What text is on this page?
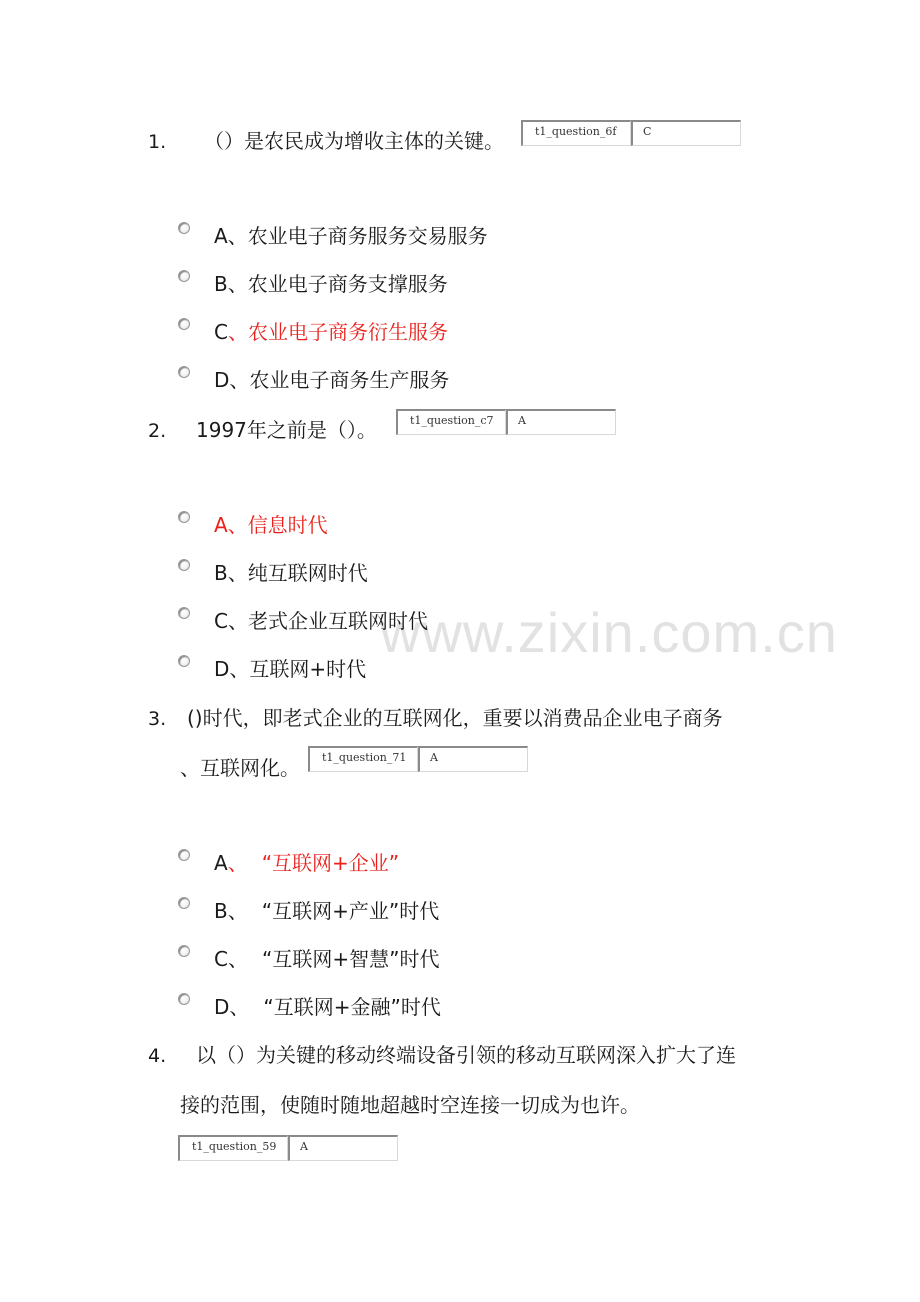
www.zixin.com.cn
1. （）是农民成为增收主体的关键。	t1_question_6f	C
A、农业电子商务服务交易服务
B、农业电子商务支撑服务
C、农业电子商务衍生服务
D、农业电子商务生产服务
2. 1997年之前是（）。	t1_question_c7	A
A、信息时代
B、纯互联网时代
C、老式企业互联网时代
D、互联网+时代
3. ()时代，即老式企业的互联网化，重要以消费品企业电子商务
、互联网化。	t1_question_71	A
A、 “互联网+企业”
B、 “互联网+产业”时代
C、 “互联网+智慧”时代
D、 “互联网+金融”时代
4. 以（）为关键的移动终端设备引领的移动互联网深入扩大了连
接的范围，使随时随地超越时空连接一切成为也许。
t1_question_59	A
